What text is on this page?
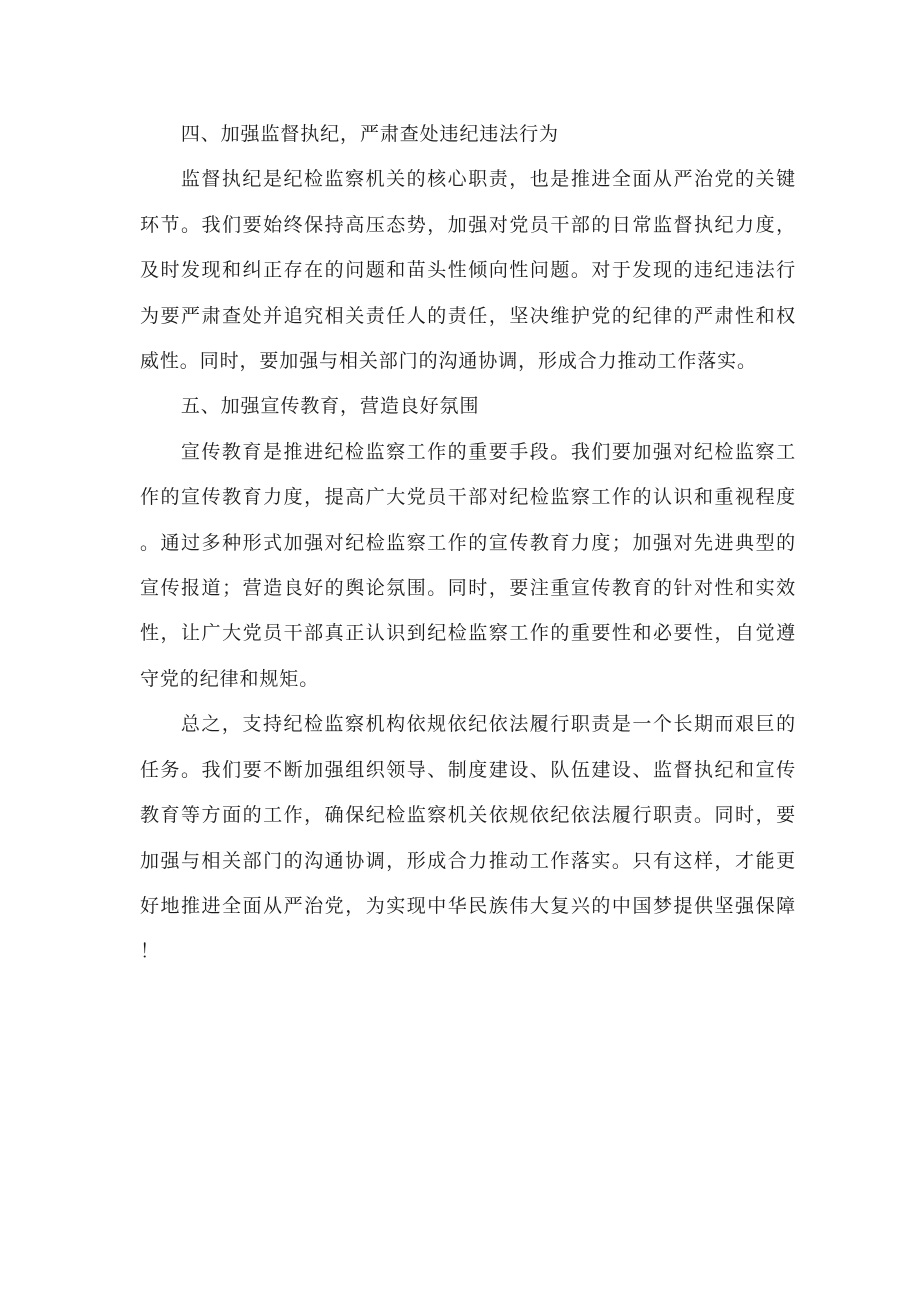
四、加强监督执纪，严肃查处违纪违法行为

监督执纪是纪检监察机关的核心职责，也是推进全面从严治党的关键环节。我们要始终保持高压态势，加强对党员干部的日常监督执纪力度，及时发现和纠正存在的问题和苗头性倾向性问题。对于发现的违纪违法行为要严肃查处并追究相关责任人的责任，坚决维护党的纪律的严肃性和权威性。同时，要加强与相关部门的沟通协调，形成合力推动工作落实。

五、加强宣传教育，营造良好氛围

宣传教育是推进纪检监察工作的重要手段。我们要加强对纪检监察工作的宣传教育力度，提高广大党员干部对纪检监察工作的认识和重视程度。通过多种形式加强对纪检监察工作的宣传教育力度；加强对先进典型的宣传报道；营造良好的舆论氛围。同时，要注重宣传教育的针对性和实效性，让广大党员干部真正认识到纪检监察工作的重要性和必要性，自觉遵守党的纪律和规矩。

总之，支持纪检监察机构依规依纪依法履行职责是一个长期而艰巨的任务。我们要不断加强组织领导、制度建设、队伍建设、监督执纪和宣传教育等方面的工作，确保纪检监察机关依规依纪依法履行职责。同时，要加强与相关部门的沟通协调，形成合力推动工作落实。只有这样，才能更好地推进全面从严治党，为实现中华民族伟大复兴的中国梦提供坚强保障！
